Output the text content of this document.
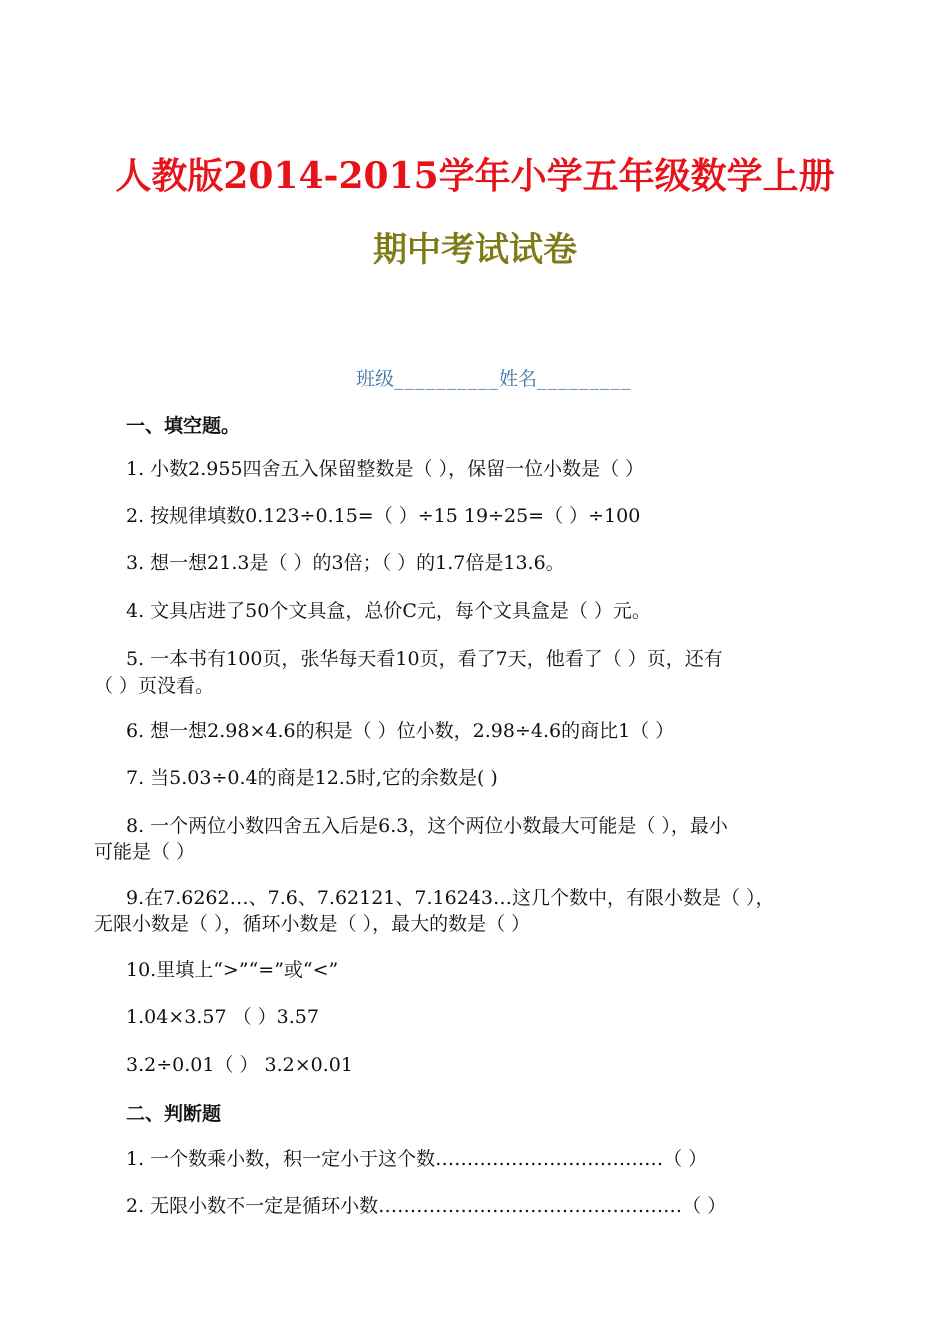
人教版2014-2015学年小学五年级数学上册
期中考试试卷
班级__________姓名_________
一、填空题。
1. 小数2.955四舍五入保留整数是（ ），保留一位小数是（ ）
2. 按规律填数0.123÷0.15=（ ）÷15 19÷25=（ ）÷100
3. 想一想21.3是（ ）的3倍；（ ）的1.7倍是13.6。
4. 文具店进了50个文具盒，总价C元，每个文具盒是（ ）元。
5. 一本书有100页，张华每天看10页，看了7天，他看了（ ）页，还有
（ ）页没看。
6. 想一想2.98×4.6的积是（ ）位小数，2.98÷4.6的商比1（ ）
7. 当5.03÷0.4的商是12.5时,它的余数是( )
8. 一个两位小数四舍五入后是6.3，这个两位小数最大可能是（ ），最小
可能是（ ）
9.在7.6262…、7.6、7.62121、7.16243…这几个数中，有限小数是（ ），
无限小数是（ ），循环小数是（ ），最大的数是（ ）
10.里填上“>”“=”或“<”
1.04×3.57 （ ）3.57
3.2÷0.01（ ） 3.2×0.01
二、判断题
1. 一个数乘小数，积一定小于这个数………………………………（ ）
2. 无限小数不一定是循环小数…………………………………………（ ）
